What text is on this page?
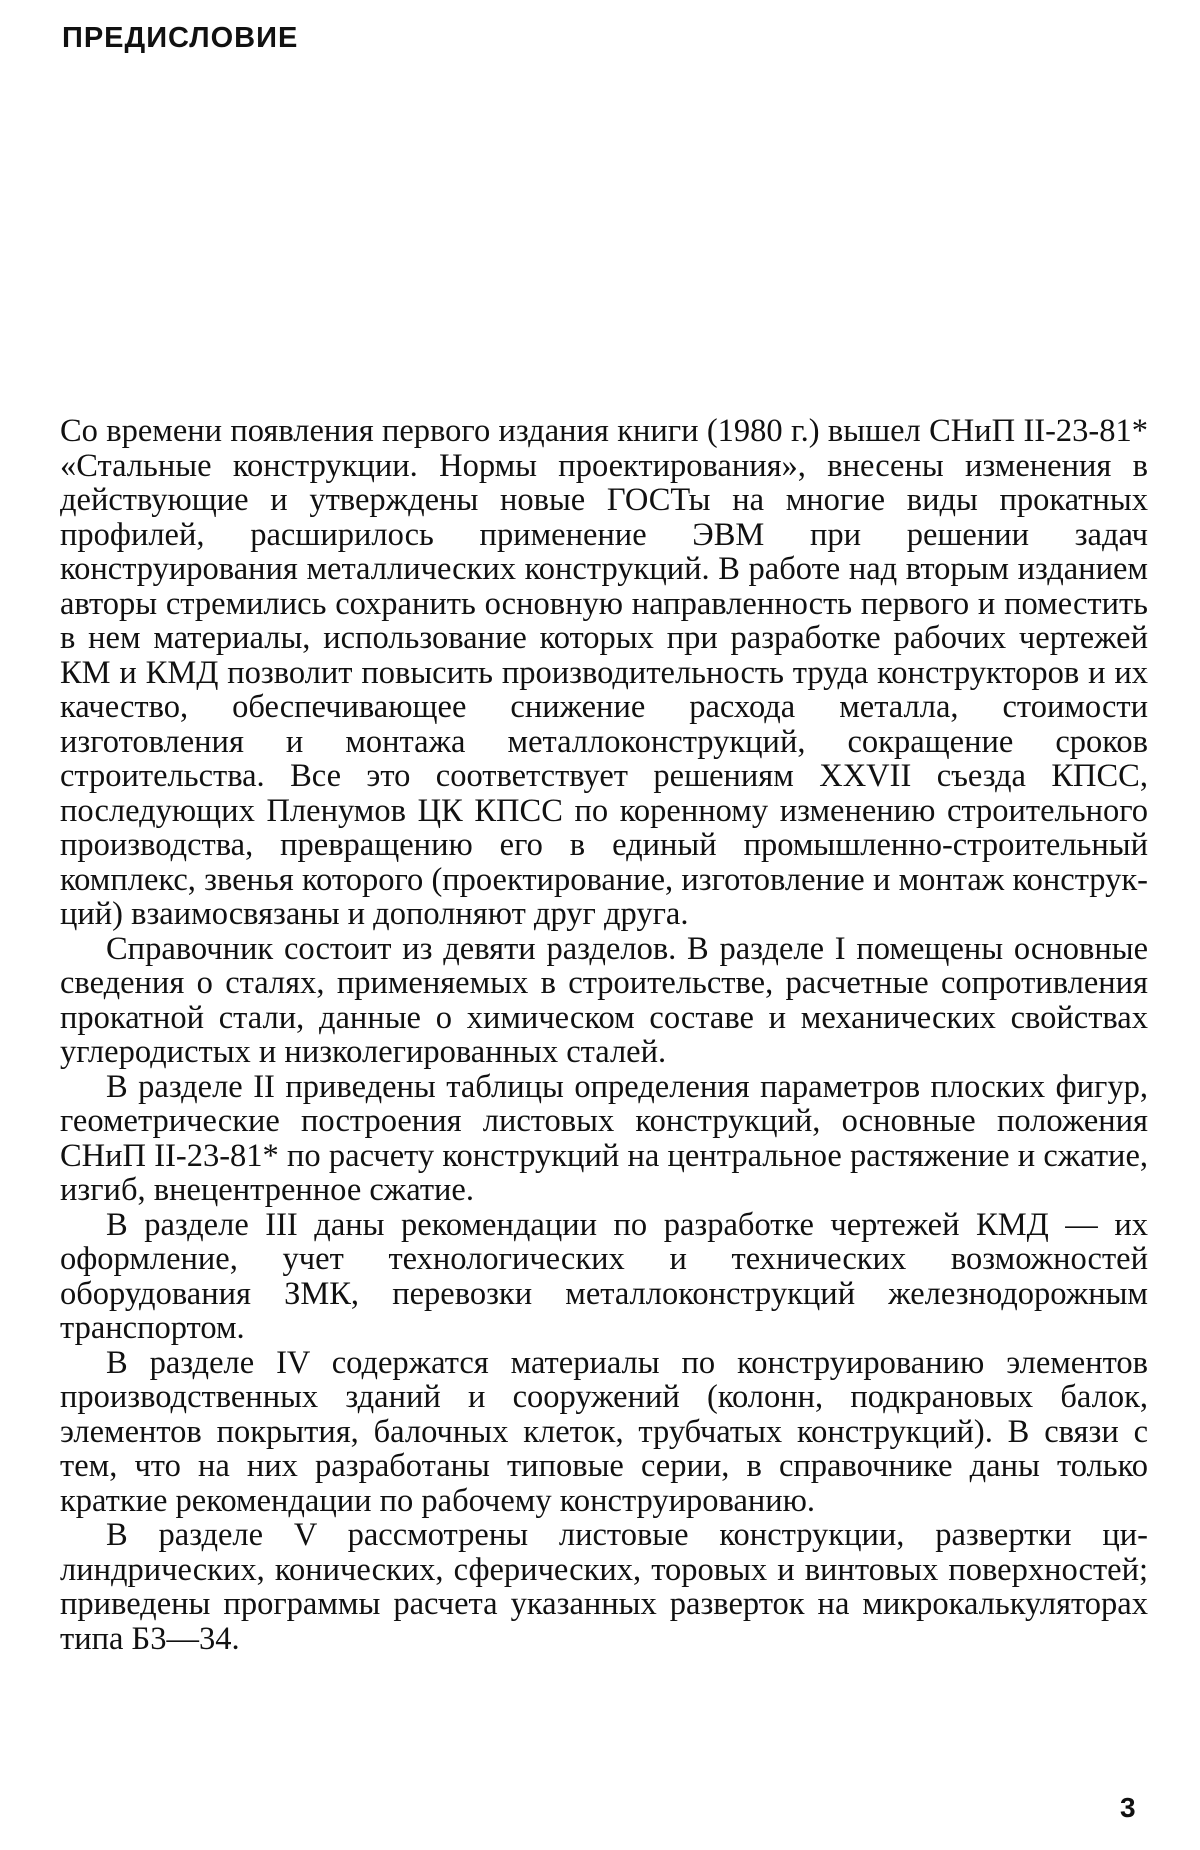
ПРЕДИСЛОВИЕ

Со времени появления первого издания книги (1980 г.) вышел СНиП II-23-81* «Стальные конструкции. Нормы проектирования», внесены изменения в действующие и утверждены новые ГОСТы на многие виды прокатных профилей, расширилось применение ЭВМ при решении задач конструирования металлических конструкций. В работе над вторым изданием авторы стремились сохранить основную направленность первого и поместить в нем материалы, использование которых при разработке рабочих чертежей КМ и КМД позволит повысить производительность труда конструкторов и их качество, обеспечивающее снижение расхода металла, стоимости изготовления и монтажа металлоконструкций, сокращение сроков строительства. Все это соответствует решениям XXVII съезда КПСС, последующих Пленумов ЦК КПСС по коренному изменению строительного производства, превращению его в единый промышленно-строительный комплекс, звенья которого (проектирование, изготовление и монтаж конструкций) взаимосвязаны и дополняют друг друга.

Справочник состоит из девяти разделов. В разделе I помещены основные сведения о сталях, применяемых в строительстве, расчетные сопротивления прокатной стали, данные о химическом составе и механических свойствах углеродистых и низколегированных сталей.

В разделе II приведены таблицы определения параметров плоских фигур, геометрические построения листовых конструкций, основные положения СНиП II-23-81* по расчету конструкций на центральное растяжение и сжатие, изгиб, внецентренное сжатие.

В разделе III даны рекомендации по разработке чертежей КМД — их оформление, учет технологических и технических возможностей оборудования ЗМК, перевозки металлоконструкций железнодорожным транспортом.

В разделе IV содержатся материалы по конструированию элементов производственных зданий и сооружений (колонн, подкрановых балок, элементов покрытия, балочных клеток, трубчатых конструкций). В связи с тем, что на них разработаны типовые серии, в справочнике даны только краткие рекомендации по рабочему конструированию.

В разделе V рассмотрены листовые конструкции, развертки цилиндрических, конических, сферических, торовых и винтовых поверхностей; приведены программы расчета указанных разверток на микрокалькуляторах типа Б3—34.

3
